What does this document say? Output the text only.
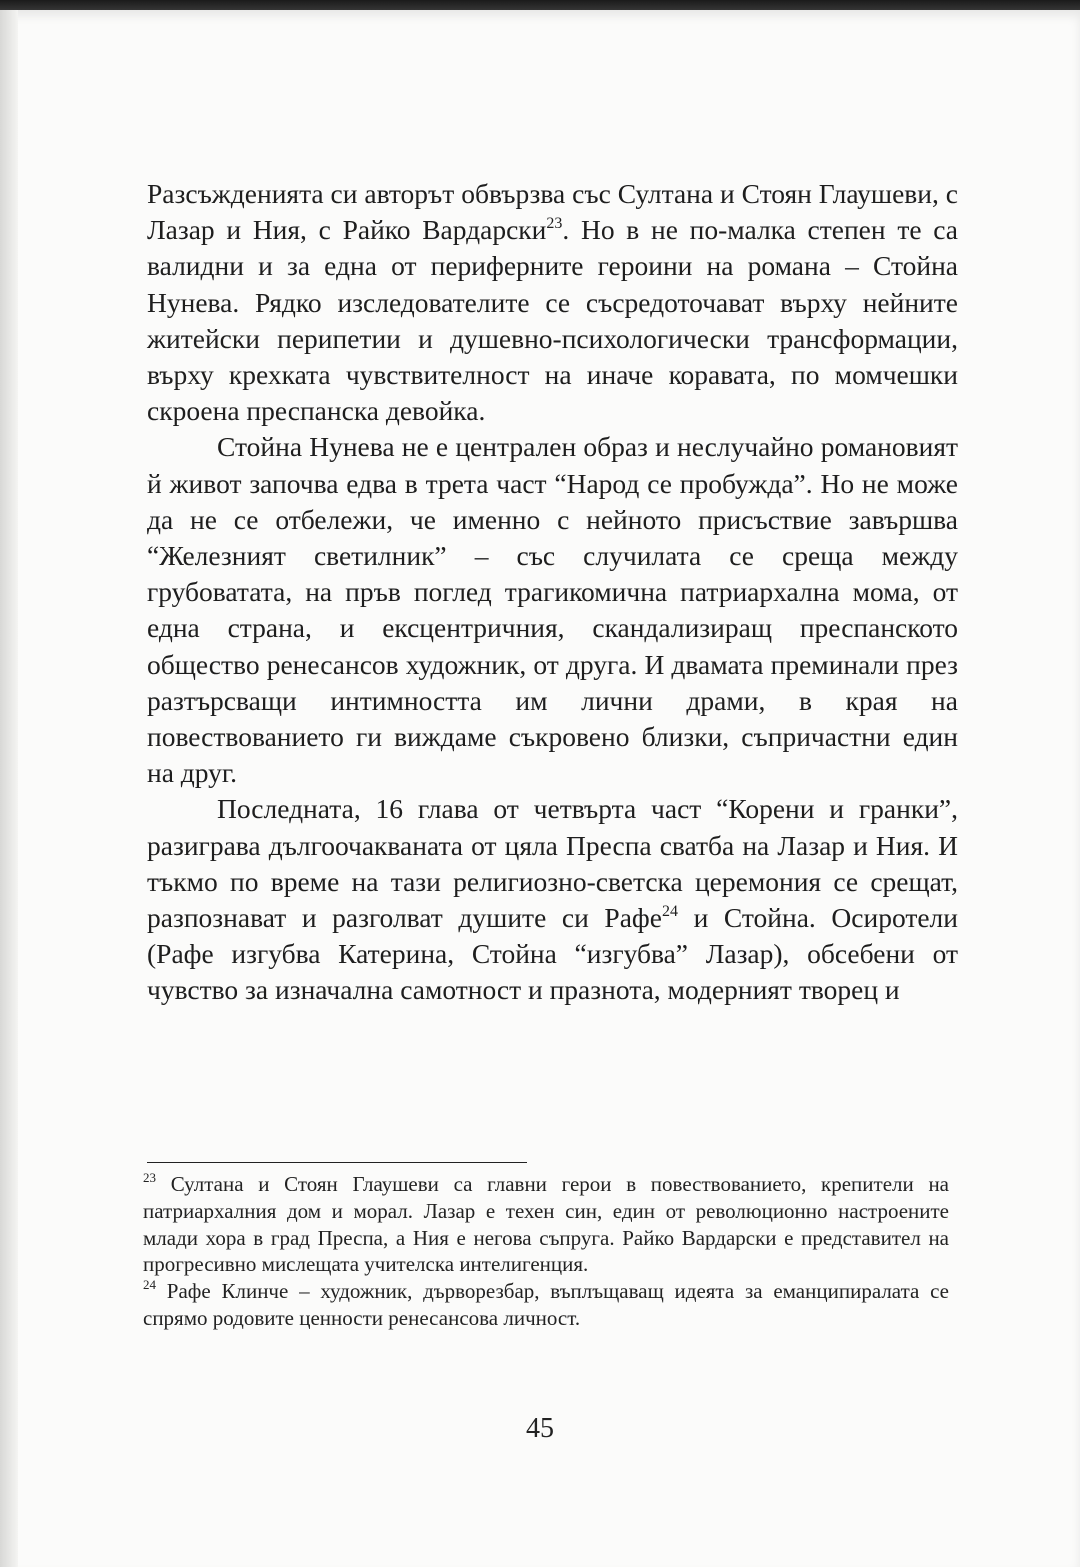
Разсъжденията си авторът обвързва със Султана и Стоян Глаушеви, с Лазар и Ния, с Райко Вардарски$^{23}$. Но в не по-малка степен те са валидни и за една от периферните героини на романа – Стойна Нунева. Рядко изследователите се съсредоточават върху нейните житейски перипетии и душевно-психологически трансформации, върху крехката чувствителност на иначе коравата, по момчешки скроена преспанска девойка.

Стойна Нунева не е централен образ и неслучайно романовият й живот започва едва в трета част “Народ се пробужда”. Но не може да не се отбележи, че именно с нейното присъствие завършва “Железният светилник” – със случилата се среща между грубоватата, на пръв поглед трагикомична патриархална мома, от една страна, и ексцентричния, скандализиращ преспанското общество ренесансов художник, от друга. И двамата преминали през разтърсващи интимността им лични драми, в края на повествованието ги виждаме съкровено близки, съпричастни един на друг.

Последната, 16 глава от четвърта част “Корени и гранки”, разиграва дългоочакваната от цяла Преспа сватба на Лазар и Ния. И тъкмо по време на тази религиозно-светска церемония се срещат, разпознават и разголват душите си Рафе$^{24}$ и Стойна. Осиротели (Рафе изгубва Катерина, Стойна “изгубва” Лазар), обсебени от чувство за изначална самотност и празнота, модерният творец и

$^{23}$ Султана и Стоян Глаушеви са главни герои в повествованието, крепители на патриархалния дом и морал. Лазар е техен син, един от революционно настроените млади хора в град Преспа, а Ния е негова съпруга. Райко Вардарски е представител на прогресивно мислещата учителска интелигенция.

$^{24}$ Рафе Клинче – художник, дърворезбар, въплъщаващ идеята за еманципиралата се спрямо родовите ценности ренесансова личност.

45
